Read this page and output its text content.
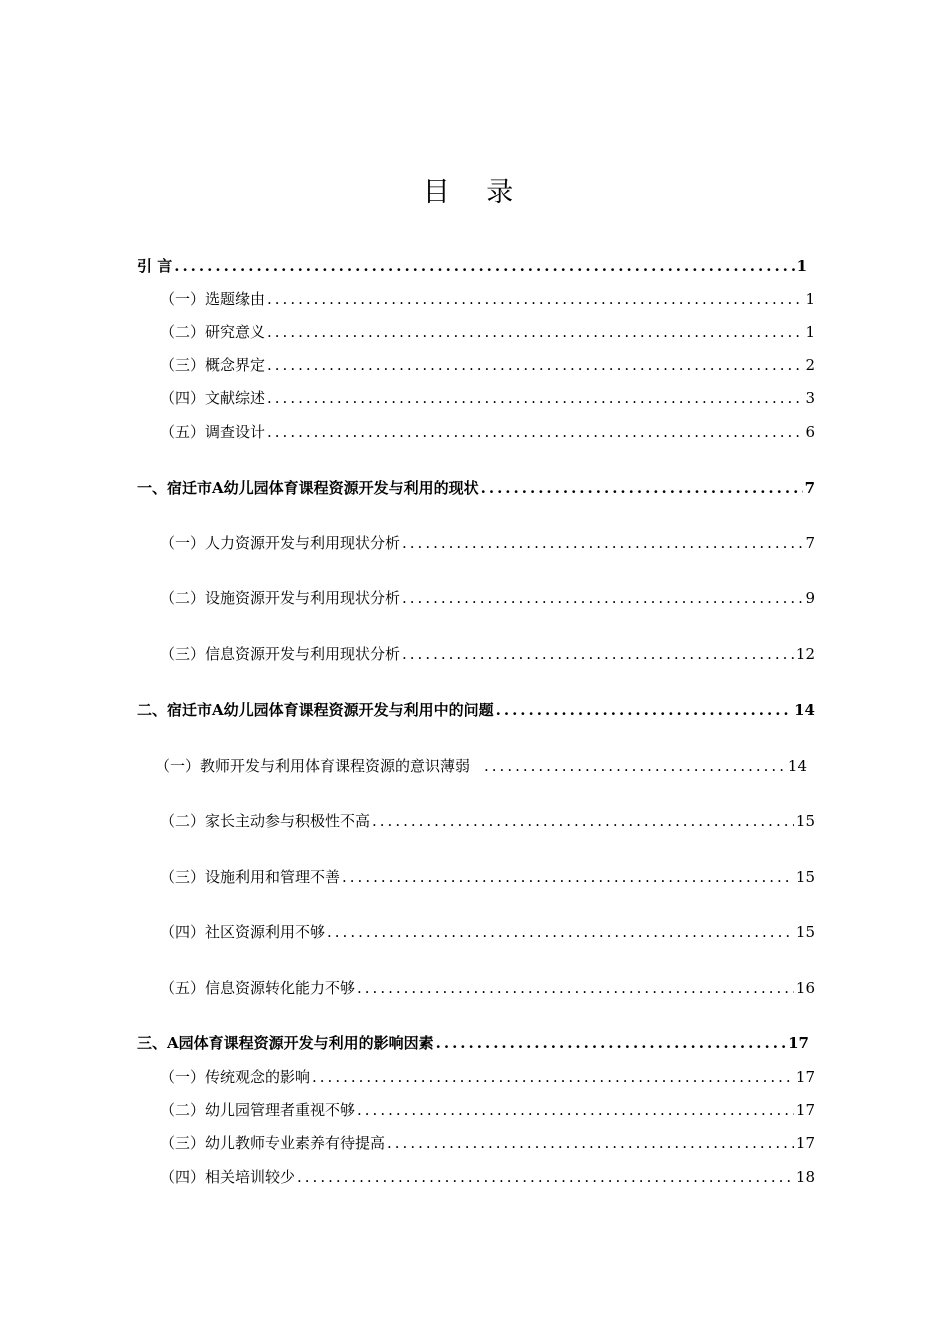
目 录
引 言 .....	1
（一）选题缘由 .....	1
（二）研究意义 .....	1
（三）概念界定 .....	2
（四）文献综述 .....	3
（五）调查设计 .....	6
一、宿迁市A幼儿园体育课程资源开发与利用的现状 .....	7
（一）人力资源开发与利用现状分析 .....	7
（二）设施资源开发与利用现状分析 .....	9
（三）信息资源开发与利用现状分析 .....	12
二、宿迁市A幼儿园体育课程资源开发与利用中的问题 .....	14
（一）教师开发与利用体育课程资源的意识薄弱 .....	14
（二）家长主动参与积极性不高 .....	15
（三）设施利用和管理不善 .....	15
（四）社区资源利用不够 .....	15
（五）信息资源转化能力不够 .....	16
三、A园体育课程资源开发与利用的影响因素 .....	17
（一）传统观念的影响 .....	17
（二）幼儿园管理者重视不够 .....	17
（三）幼儿教师专业素养有待提高 .....	17
（四）相关培训较少 .....	18
